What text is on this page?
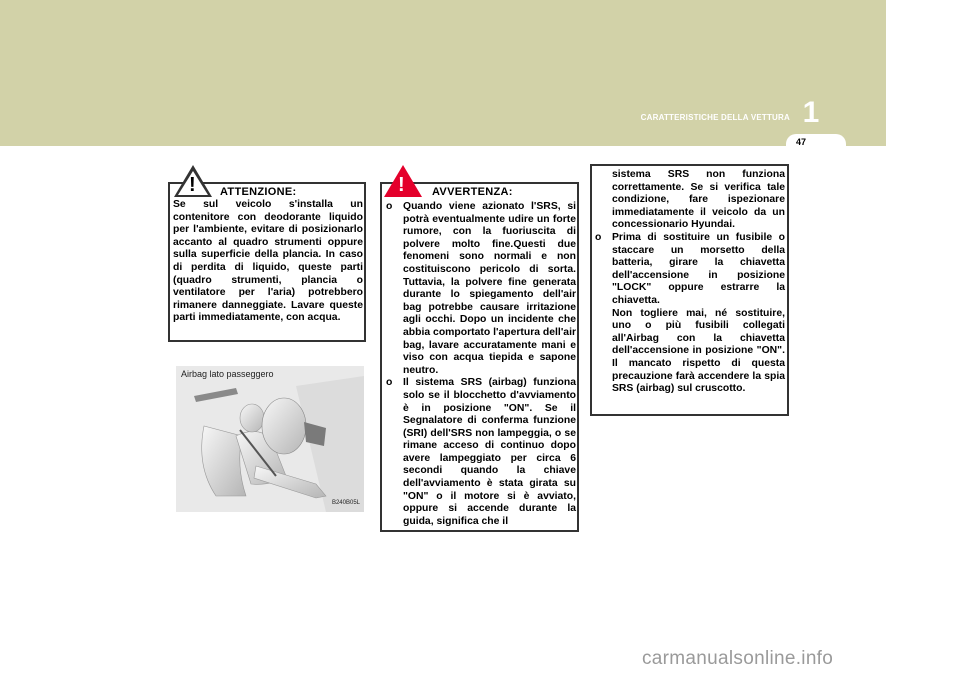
CARATTERISTICHE DELLA VETTURA 1
47
! ATTENZIONE:
Se sul veicolo s'installa un contenitore con deodorante liquido per l'ambiente, evitare di posizionarlo accanto al quadro strumenti oppure sulla superficie della plancia. In caso di perdita di liquido, queste parti (quadro strumenti, plancia o ventilatore per l'aria) potrebbero rimanere danneggiate. Lavare queste parti immediatamente, con acqua.
Airbag lato passeggero
B240B05L
! AVVERTENZA:
o Quando viene azionato l'SRS, si potrà eventualmente udire un forte rumore, con la fuoriuscita di polvere molto fine.Questi due fenomeni sono normali e non costituiscono pericolo di sorta. Tuttavia, la polvere fine generata durante lo spiegamento dell'air bag potrebbe causare irritazione agli occhi. Dopo un incidente che abbia comportato l'apertura dell'air bag, lavare accuratamente mani e viso con acqua tiepida e sapone neutro.
o Il sistema SRS (airbag) funziona solo se il blocchetto d'avviamento è in posizione "ON". Se il Segnalatore di conferma funzione (SRI) dell'SRS non lampeggia, o se rimane acceso di continuo dopo avere lampeggiato per circa 6 secondi quando la chiave dell'avviamento è stata girata su "ON" o il motore si è avviato, oppure si accende durante la guida, significa che il
sistema SRS non funziona correttamente. Se si verifica tale condizione, fare ispezionare immediatamente il veicolo da un concessionario Hyundai.
o Prima di sostituire un fusibile o staccare un morsetto della batteria, girare la chiavetta dell'accensione in posizione "LOCK" oppure estrarre la chiavetta.
Non togliere mai, né sostituire, uno o più fusibili collegati all'Airbag con la chiavetta dell'accensione in posizione "ON". Il mancato rispetto di questa precauzione farà accendere la spia SRS (airbag) sul cruscotto.
carmanualsonline.info
